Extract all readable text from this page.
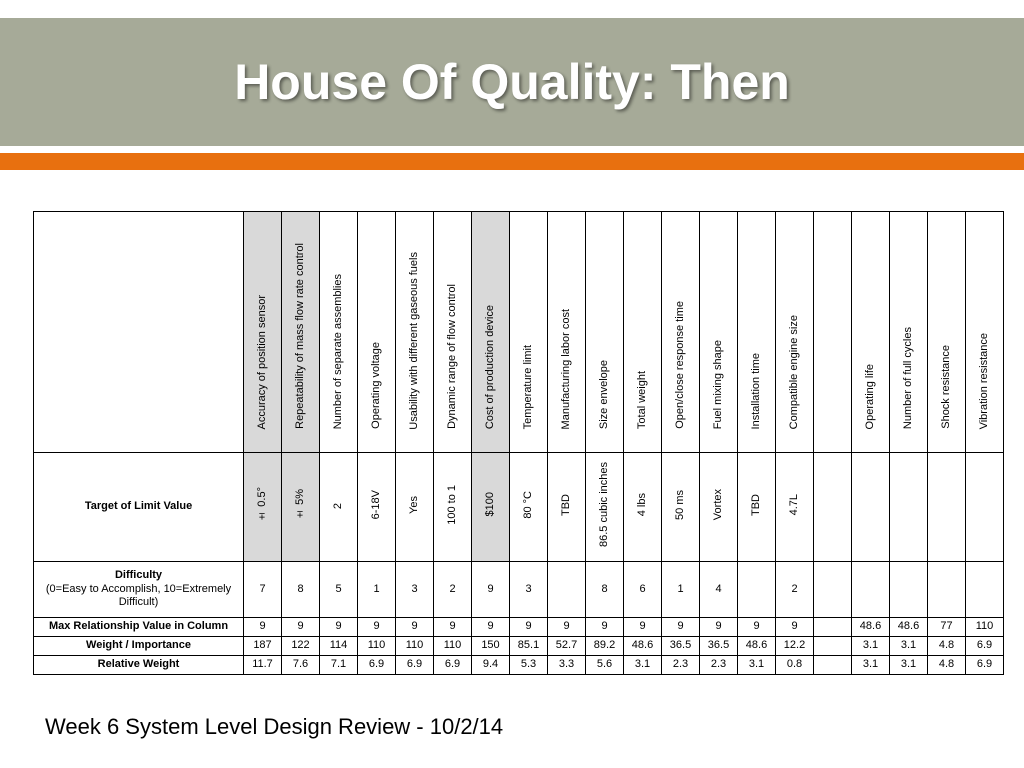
House Of Quality: Then
	Accuracy of position sensor	Repeatability of mass flow rate control	Number of separate assemblies	Operating voltage	Usability with different gaseous fuels	Dynamic range of flow control	Cost of production device	Temperature limit	Manufacturing labor cost	Size envelope	Total weight	Open/close response time	Fuel mixing shape	Installation time	Compatible engine size		Operating life	Number of full cycles	Shock resistance	Vibration resistance
Target of Limit Value	± 0.5°	± 5%	2	6-18V	Yes	100 to 1	$100	80 °C	TBD	86.5 cubic inches	4 lbs	50 ms	Vortex	TBD	4.7L					
Difficulty
(0=Easy to Accomplish, 10=Extremely Difficult)	7	8	5	1	3	2	9	3		8	6	1	4		2					
Max Relationship Value in Column	9	9	9	9	9	9	9	9	9	9	9	9	9	9	9		48.6	48.6	77	110
Weight / Importance	187	122	114	110	110	110	150	85.1	52.7	89.2	48.6	36.5	36.5	48.6	12.2		3.1	3.1	4.8	6.9
Relative Weight	11.7	7.6	7.1	6.9	6.9	6.9	9.4	5.3	3.3	5.6	3.1	2.3	2.3	3.1	0.8		3.1	3.1	4.8	6.9
Week 6 System Level Design Review - 10/2/14
